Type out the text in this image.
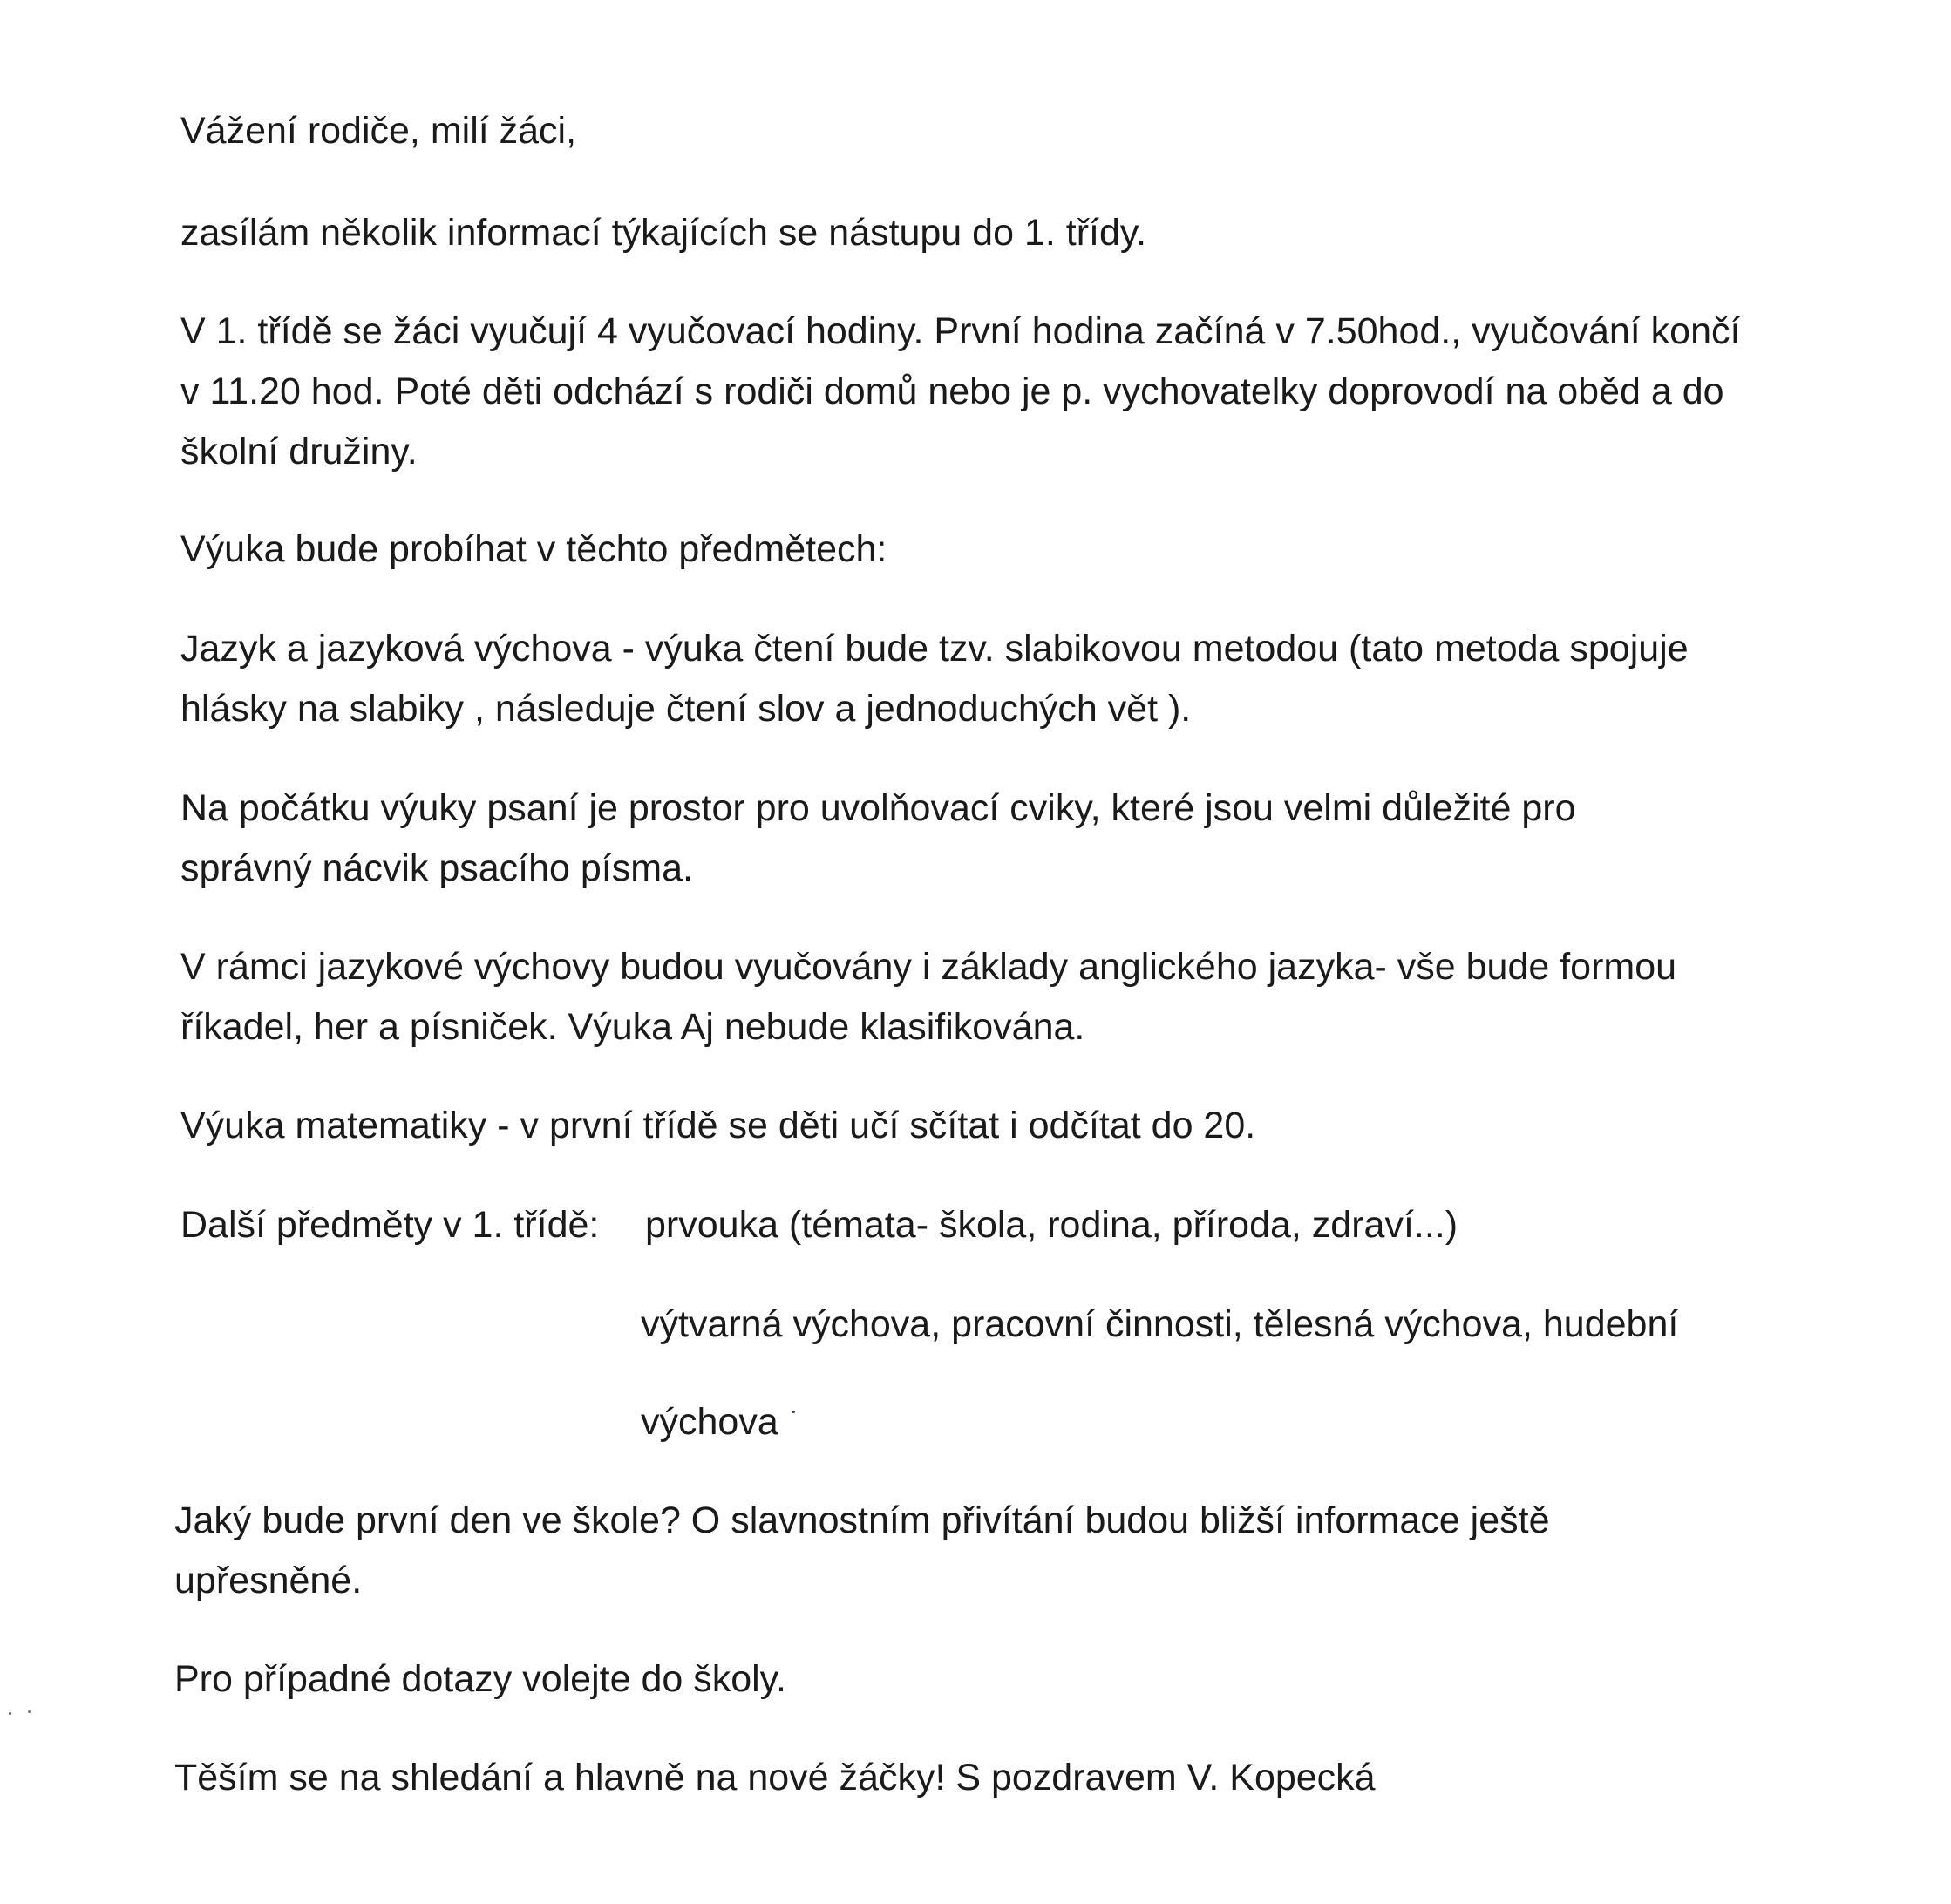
Vážení rodiče, milí žáci,
zasílám několik informací týkajících se nástupu do 1. třídy.
V 1. třídě se žáci vyučují 4 vyučovací hodiny. První hodina začíná v 7.50hod., vyučování končí
v 11.20 hod. Poté děti odchází s rodiči domů nebo je p. vychovatelky doprovodí na oběd a do
školní družiny.
Výuka bude probíhat v těchto předmětech:
Jazyk a jazyková výchova - výuka čtení bude tzv. slabikovou metodou (tato metoda spojuje
hlásky na slabiky , následuje čtení slov a jednoduchých vět ).
Na počátku výuky psaní je prostor pro uvolňovací cviky, které jsou velmi důležité pro
správný nácvik psacího písma.
V rámci jazykové výchovy budou vyučovány i základy anglického jazyka- vše bude formou
říkadel, her a písniček. Výuka Aj nebude klasifikována.
Výuka matematiky - v první třídě se děti učí sčítat i odčítat do 20.
Další předměty v 1. třídě: prvouka (témata- škola, rodina, příroda, zdraví...)
výtvarná výchova, pracovní činnosti, tělesná výchova, hudební
výchova
Jaký bude první den ve škole? O slavnostním přivítání budou bližší informace ještě
upřesněné.
Pro případné dotazy volejte do školy.
Těším se na shledání a hlavně na nové žáčky! S pozdravem V. Kopecká
